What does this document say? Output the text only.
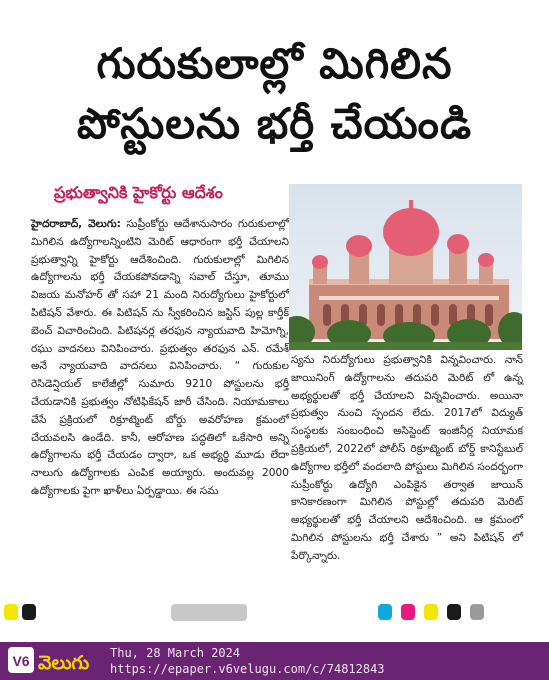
గురుకులాల్లో మిగిలిన
పోస్టులను భర్తీ చేయండి
ప్రభుత్వానికి హైకోర్టు ఆదేశం
హైదరాబాద్, వెలుగు: సుప్రీంకోర్టు ఆదేశానుసారం గురుకులాల్లో మిగిలిన ఉద్యోగాలన్నింటిని మెరిట్ ఆధారంగా భర్తీ చేయాలని ప్రభుత్వాన్ని హైకోర్టు ఆదేశించింది. గురుకులాల్లో మిగిలిన ఉద్యోగాలను భర్తీ చేయకపోవడాన్ని సవాల్ చేస్తూ, తూము విజయ మనోహర్ తో సహా 21 మంది నిరుద్యోగులు హైకోర్టులో పిటిషన్ వేశారు. ఈ పిటిషన్ ను స్వీకరించిన జస్టిస్ పుల్ల కార్తీక్ బెంచ్ విచారించింది. పిటిషనర్ల తరఫున న్యాయవాది హిమోగ్ని, రఘు వాదనలు వినిపించారు. ప్రభుత్వం తరఫున ఎన్. రమేశ్ అనే న్యాయవాది వాదనలు వినిపించారు. “ గురుకుల రెసిడెన్షియల్ కాలేజీల్లో సుమారు 9210 పోస్టులను భర్తీ చేయడానికి ప్రభుత్వం నోటిఫికేషన్ జారీ చేసింది. నియామకాలు చేసే ప్రక్రియలో రిక్రూట్మెంట్ బోర్డు అవరోహణ క్రమంలో చేయవలసి ఉండేది. కానీ, ఆరోహణ పద్ధతిలో ఒకేసారి అన్ని ఉద్యోగాలను భర్తీ చేయడం ద్వారా, ఒక అభ్యర్థి మూడు లేదా నాలుగు ఉద్యోగాలకు ఎంపిక అయ్యారు. అందువల్ల 2000 ఉద్యోగాలకు పైగా ఖాళీలు ఏర్పడ్డాయి. ఈ సమ
స్యను నిరుద్యోగులు ప్రభుత్వానికి విన్నవించారు. నాన్ జాయినింగ్ ఉద్యోగాలను తదుపరి మెరిట్ లో ఉన్న అభ్యర్థులతో భర్తీ చేయాలని విన్నవించారు. అయినా ప్రభుత్వం నుంచి స్పందన లేదు. 2017లో విద్యుత్ సంస్థలకు సంబంధించి అసిస్టెంట్ ఇంజినీర్ల నియామక ప్రక్రియలో, 2022లో పోలీస్ రిక్రూట్మెంట్ బోర్డ్ కానిస్టేబుల్ ఉద్యోగాల భర్తీలో వందలాది పోస్టులు మిగిలిన సందర్భంగా సుప్రీంకోర్టు ఉద్యోగి ఎంపికైన తర్వాత జాయిన్ కానికారణంగా మిగిలిన పోస్టుల్లో తదుపరి మెరిట్ అభ్యర్థులతో భర్తీ చేయాలని ఆదేశించింది. ఆ క్రమంలో మిగిలిన పోస్టులను భర్తీ చేశారు ” అని పిటిషన్ లో పేర్కొన్నారు.
V6 వెలుగు Thu, 28 March 2024
https://epaper.v6velugu.com/c/74812843
